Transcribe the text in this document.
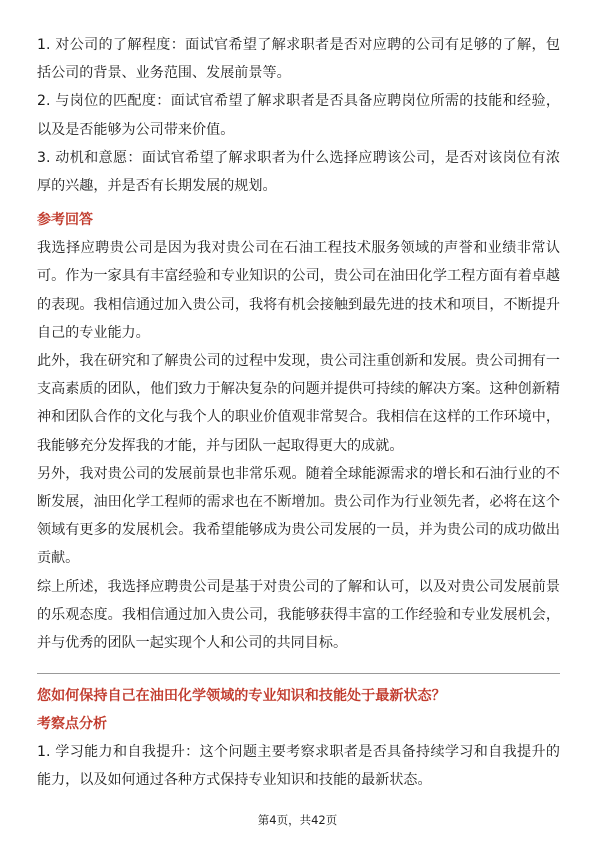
1. 对公司的了解程度：面试官希望了解求职者是否对应聘的公司有足够的了解，包括公司的背景、业务范围、发展前景等。

2. 与岗位的匹配度：面试官希望了解求职者是否具备应聘岗位所需的技能和经验，以及是否能够为公司带来价值。

3. 动机和意愿：面试官希望了解求职者为什么选择应聘该公司，是否对该岗位有浓厚的兴趣，并是否有长期发展的规划。

参考回答

我选择应聘贵公司是因为我对贵公司在石油工程技术服务领域的声誉和业绩非常认可。作为一家具有丰富经验和专业知识的公司，贵公司在油田化学工程方面有着卓越的表现。我相信通过加入贵公司，我将有机会接触到最先进的技术和项目，不断提升自己的专业能力。

此外，我在研究和了解贵公司的过程中发现，贵公司注重创新和发展。贵公司拥有一支高素质的团队，他们致力于解决复杂的问题并提供可持续的解决方案。这种创新精神和团队合作的文化与我个人的职业价值观非常契合。我相信在这样的工作环境中，我能够充分发挥我的才能，并与团队一起取得更大的成就。

另外，我对贵公司的发展前景也非常乐观。随着全球能源需求的增长和石油行业的不断发展，油田化学工程师的需求也在不断增加。贵公司作为行业领先者，必将在这个领域有更多的发展机会。我希望能够成为贵公司发展的一员，并为贵公司的成功做出贡献。

综上所述，我选择应聘贵公司是基于对贵公司的了解和认可，以及对贵公司发展前景的乐观态度。我相信通过加入贵公司，我能够获得丰富的工作经验和专业发展机会，并与优秀的团队一起实现个人和公司的共同目标。

您如何保持自己在油田化学领域的专业知识和技能处于最新状态？

考察点分析

1. 学习能力和自我提升：这个问题主要考察求职者是否具备持续学习和自我提升的能力，以及如何通过各种方式保持专业知识和技能的最新状态。

第4页，共42页
